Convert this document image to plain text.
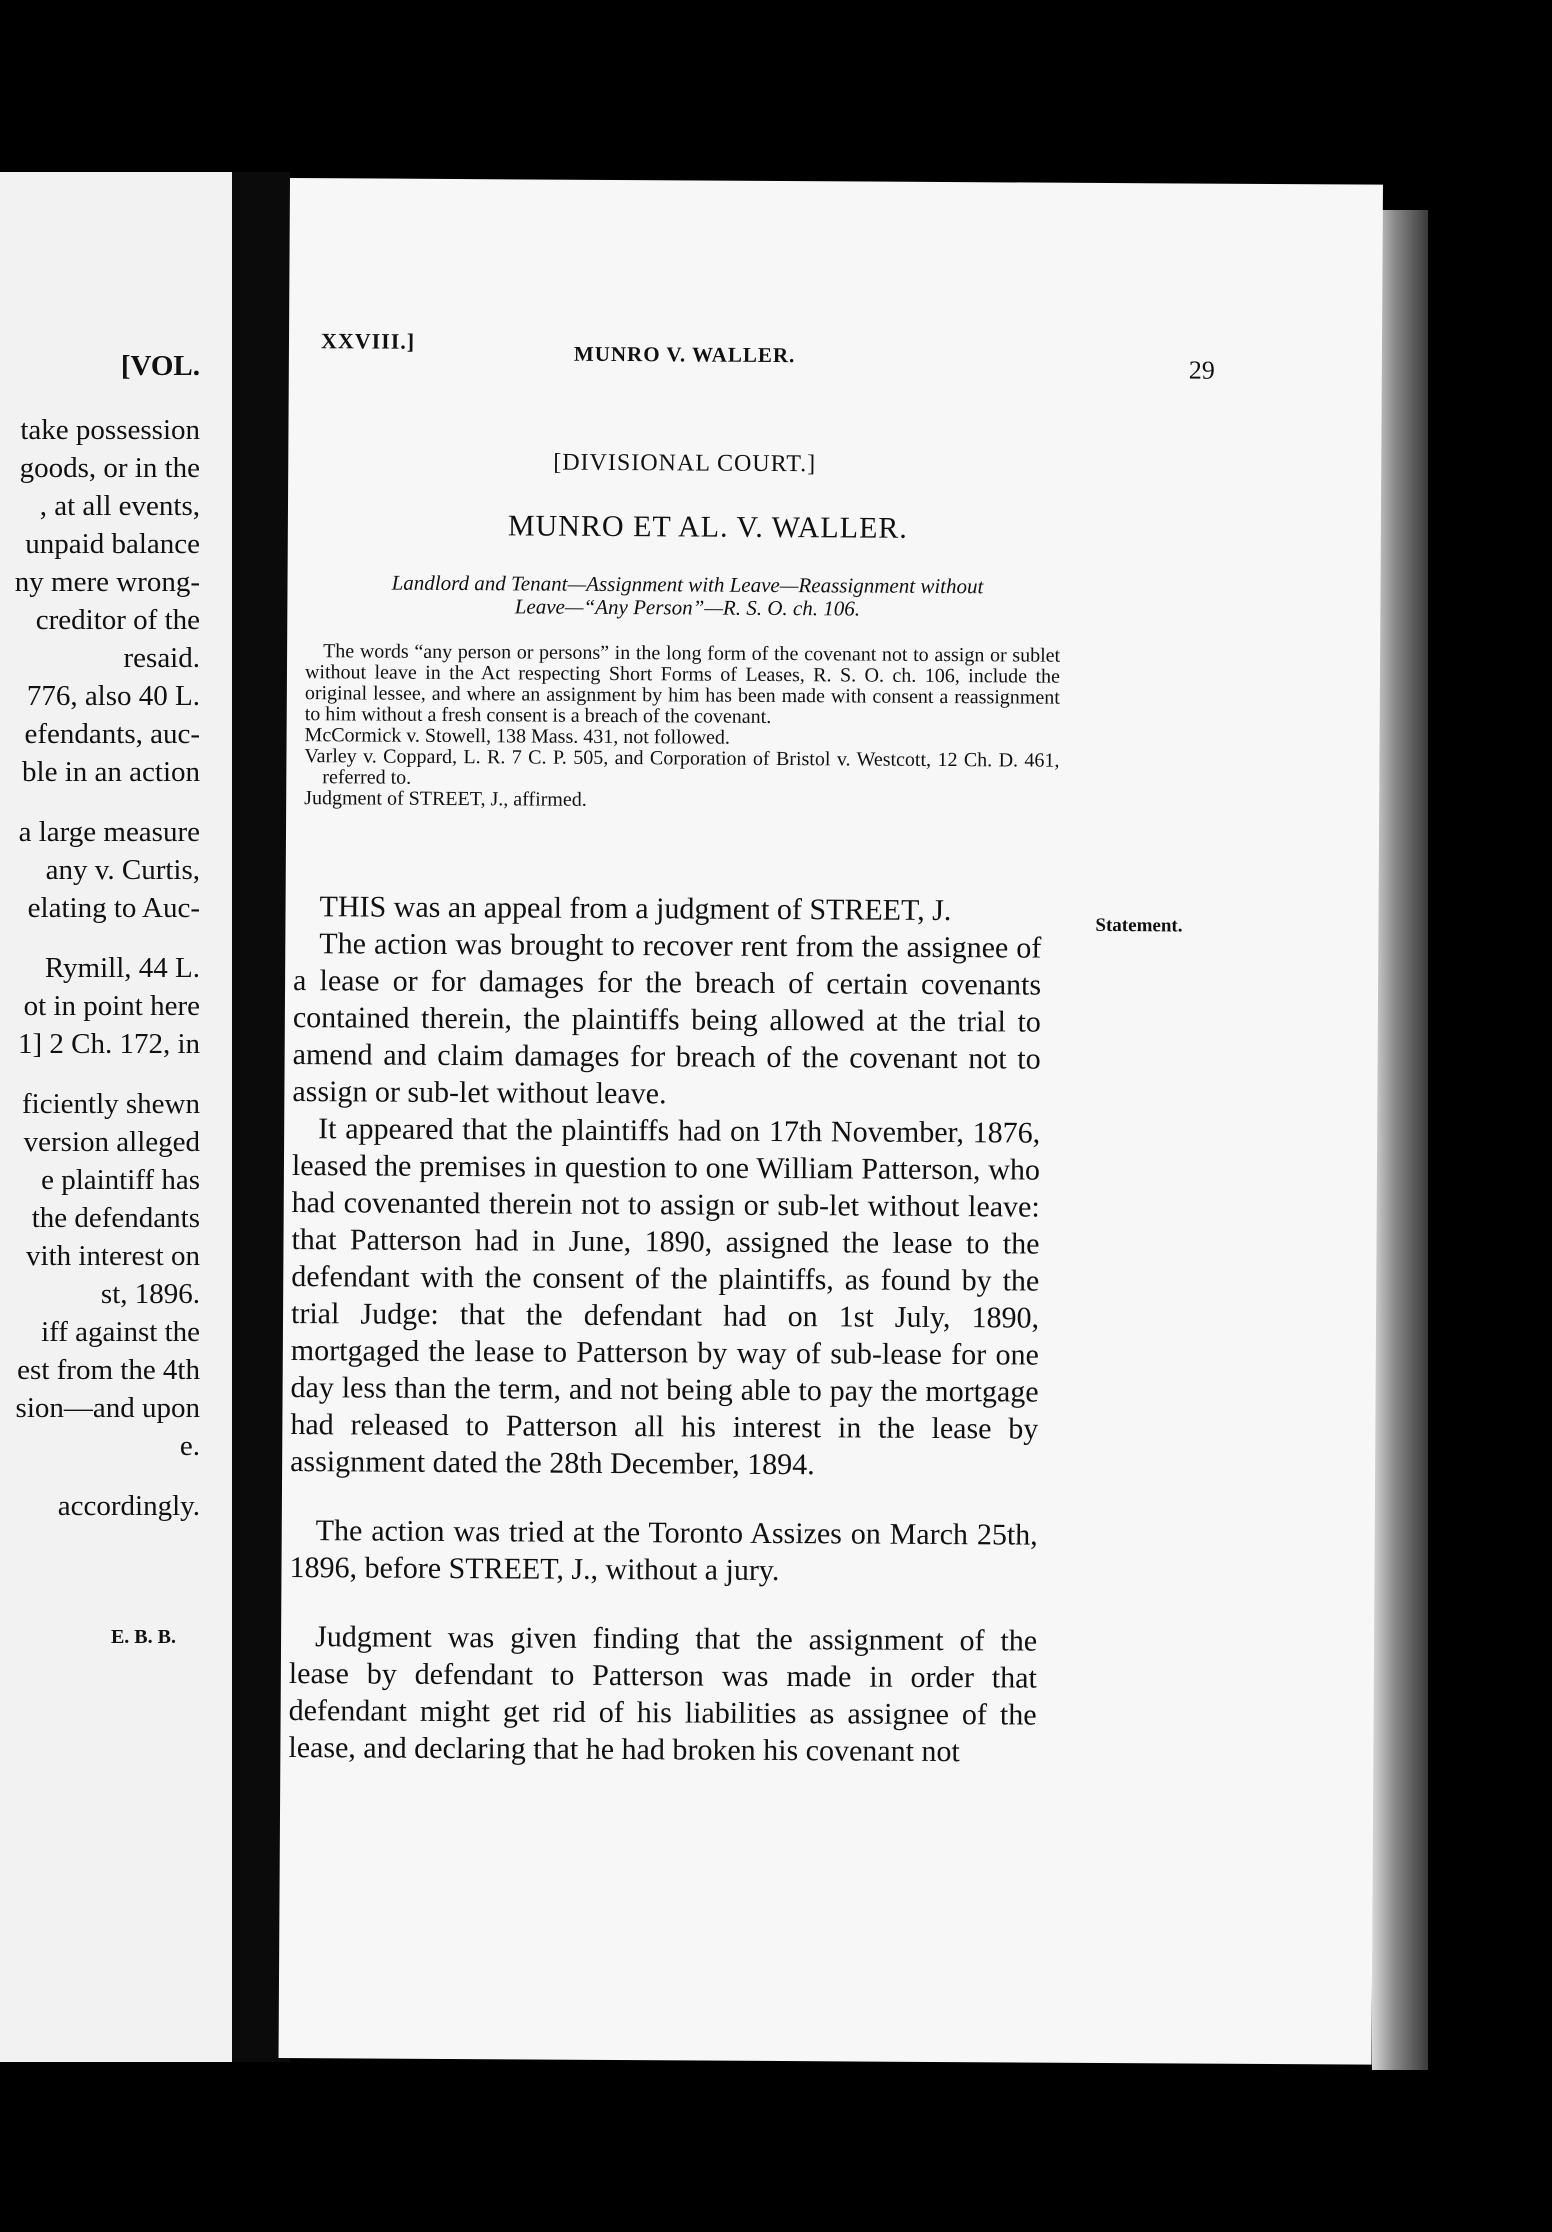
[VOL.
take possession
goods, or in the
, at all events,
unpaid balance
ny mere wrong-
creditor of the
resaid.
776, also 40 L.
efendants, auc-
ble in an action
a large measure
any v. Curtis,
elating to Auc-
Rymill, 44 L.
ot in point here
1] 2 Ch. 172, in
ficiently shewn
version alleged
e plaintiff has
the defendants
vith interest on
st, 1896.
iff against the
est from the 4th
sion—and upon
e.
accordingly.
E. B. B.
XXVIII.]
MUNRO V. WALLER.
29
[DIVISIONAL COURT.]
MUNRO ET AL. V. WALLER.
Landlord and Tenant—Assignment with Leave—Reassignment without
Leave—“Any Person”—R. S. O. ch. 106.

The words “any person or persons” in the long form of the covenant not to assign or sublet without leave in the Act respecting Short Forms of Leases, R. S. O. ch. 106, include the original lessee, and where an assignment by him has been made with consent a reassignment to him without a fresh consent is a breach of the covenant.

McCormick v. Stowell, 138 Mass. 431, not followed.

Varley v. Coppard, L. R. 7 C. P. 505, and Corporation of Bristol v. Westcott, 12 Ch. D. 461, referred to.

Judgment of STREET, J., affirmed.

Statement.

THIS was an appeal from a judgment of STREET, J.

The action was brought to recover rent from the assignee of a lease or for damages for the breach of certain covenants contained therein, the plaintiffs being allowed at the trial to amend and claim damages for breach of the covenant not to assign or sub-let without leave.

It appeared that the plaintiffs had on 17th November, 1876, leased the premises in question to one William Patterson, who had covenanted therein not to assign or sub-let without leave: that Patterson had in June, 1890, assigned the lease to the defendant with the consent of the plaintiffs, as found by the trial Judge: that the defendant had on 1st July, 1890, mortgaged the lease to Patterson by way of sub-lease for one day less than the term, and not being able to pay the mortgage had released to Patterson all his interest in the lease by assignment dated the 28th December, 1894.

The action was tried at the Toronto Assizes on March 25th, 1896, before STREET, J., without a jury.

Judgment was given finding that the assignment of the lease by defendant to Patterson was made in order that defendant might get rid of his liabilities as assignee of the lease, and declaring that he had broken his covenant not
